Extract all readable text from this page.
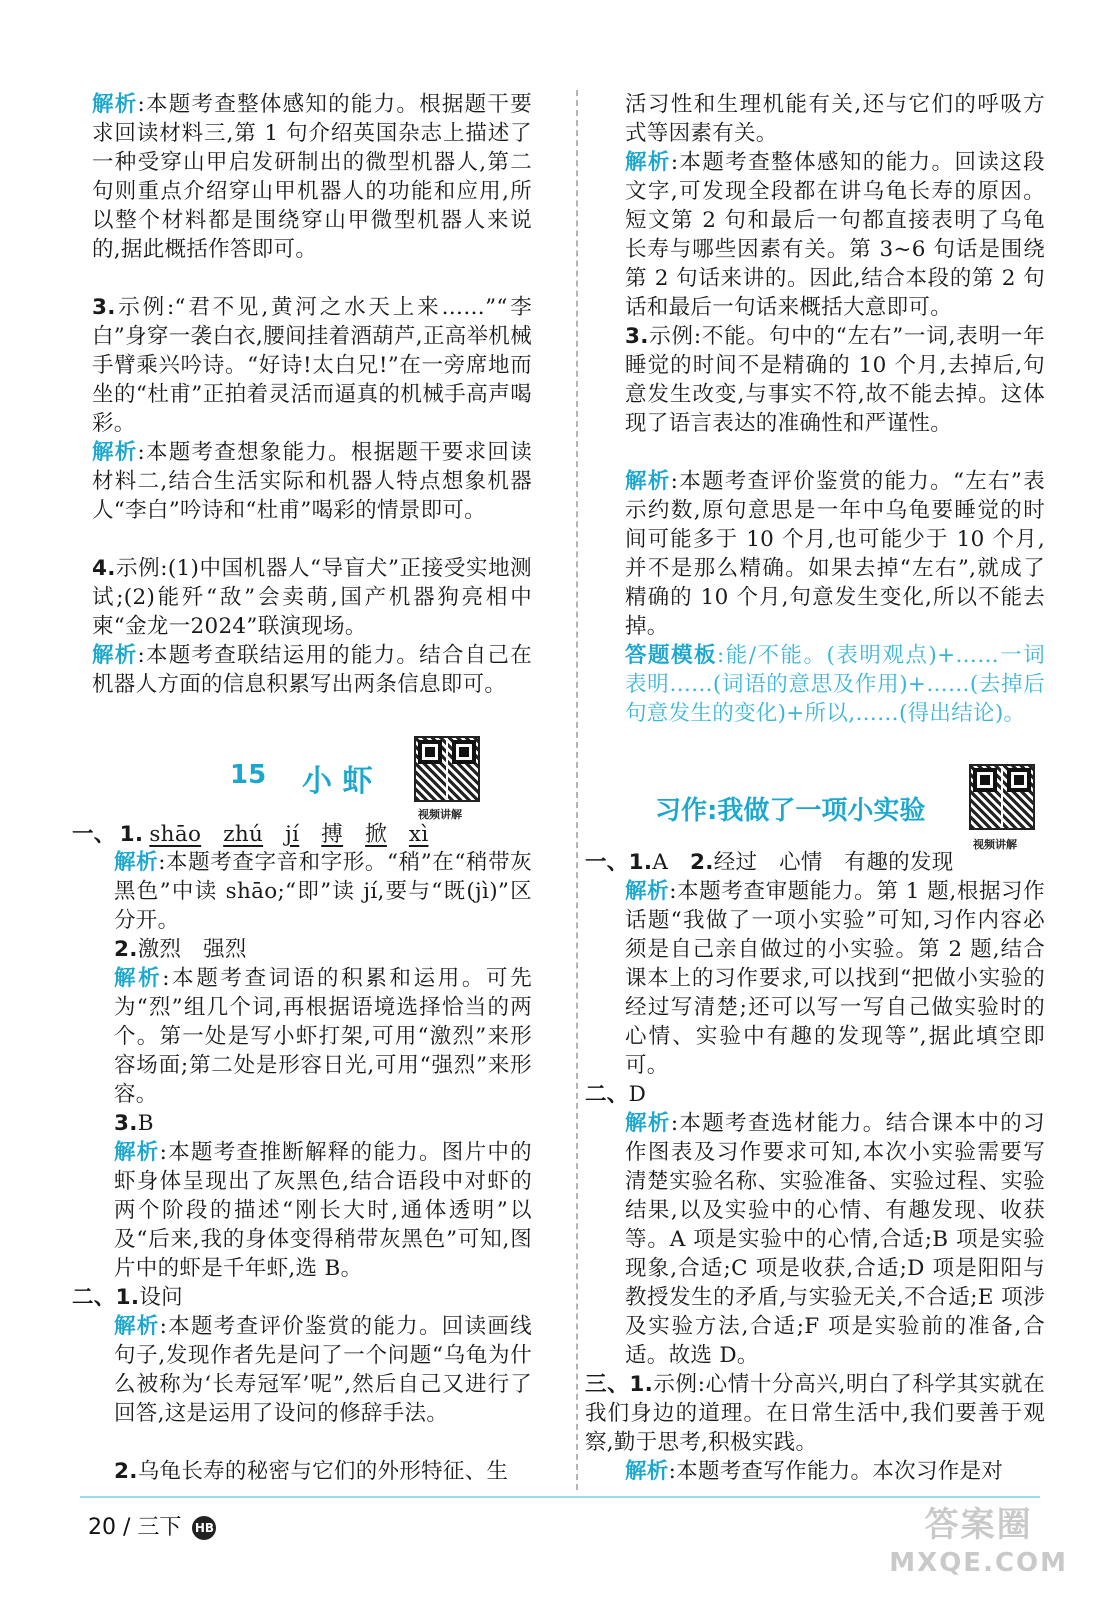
解析:本题考查整体感知的能力。根据题干要求回读材料三,第 1 句介绍英国杂志上描述了一种受穿山甲启发研制出的微型机器人,第二句则重点介绍穿山甲机器人的功能和应用,所以整个材料都是围绕穿山甲微型机器人来说的,据此概括作答即可。

3.示例:“君不见,黄河之水天上来……”“李白”身穿一袭白衣,腰间挂着酒葫芦,正高举机械手臂乘兴吟诗。“好诗!太白兄!”在一旁席地而坐的“杜甫”正拍着灵活而逼真的机械手高声喝彩。

解析:本题考查想象能力。根据题干要求回读材料二,结合生活实际和机器人特点想象机器人“李白”吟诗和“杜甫”喝彩的情景即可。

4.示例:(1)中国机器人“导盲犬”正接受实地测试;(2)能歼“敌”会卖萌,国产机器狗亮相中柬“金龙一2024”联演现场。

解析:本题考查联结运用的能力。结合自己在机器人方面的信息积累写出两条信息即可。

15 小 虾
视频讲解

一、 1. shāo zhú jí 搏 掀 xì

解析:本题考查字音和字形。“稍”在“稍带灰黑色”中读 shāo;“即”读 jí,要与“既(jì)”区分开。

2.激烈　强烈

解析:本题考查词语的积累和运用。可先为“烈”组几个词,再根据语境选择恰当的两个。第一处是写小虾打架,可用“激烈”来形容场面;第二处是形容日光,可用“强烈”来形容。

3.B

解析:本题考查推断解释的能力。图片中的虾身体呈现出了灰黑色,结合语段中对虾的两个阶段的描述“刚长大时,通体透明”以及“后来,我的身体变得稍带灰黑色”可知,图片中的虾是千年虾,选 B。

二、1.设问

解析:本题考查评价鉴赏的能力。回读画线句子,发现作者先是问了一个问题“乌龟为什么被称为‘长寿冠军’呢”,然后自己又进行了回答,这是运用了设问的修辞手法。

2.乌龟长寿的秘密与它们的外形特征、生

活习性和生理机能有关,还与它们的呼吸方式等因素有关。

解析:本题考查整体感知的能力。回读这段文字,可发现全段都在讲乌龟长寿的原因。短文第 2 句和最后一句都直接表明了乌龟长寿与哪些因素有关。第 3~6 句话是围绕第 2 句话来讲的。因此,结合本段的第 2 句话和最后一句话来概括大意即可。

3.示例:不能。句中的“左右”一词,表明一年睡觉的时间不是精确的 10 个月,去掉后,句意发生改变,与事实不符,故不能去掉。这体现了语言表达的准确性和严谨性。

解析:本题考查评价鉴赏的能力。“左右”表示约数,原句意思是一年中乌龟要睡觉的时间可能多于 10 个月,也可能少于 10 个月,并不是那么精确。如果去掉“左右”,就成了精确的 10 个月,句意发生变化,所以不能去掉。

答题模板:能/不能。(表明观点)+……一词表明……(词语的意思及作用)+……(去掉后句意发生的变化)+所以,……(得出结论)。

习作:我做了一项小实验
视频讲解

一、1.A　 2.经过　心情　有趣的发现

解析:本题考查审题能力。第 1 题,根据习作话题“我做了一项小实验”可知,习作内容必须是自己亲自做过的小实验。第 2 题,结合课本上的习作要求,可以找到“把做小实验的经过写清楚;还可以写一写自己做实验时的心情、实验中有趣的发现等”,据此填空即可。

二、D

解析:本题考查选材能力。结合课本中的习作图表及习作要求可知,本次小实验需要写清楚实验名称、实验准备、实验过程、实验结果,以及实验中的心情、有趣发现、收获等。A 项是实验中的心情,合适;B 项是实验现象,合适;C 项是收获,合适;D 项是阳阳与教授发生的矛盾,与实验无关,不合适;E 项涉及实验方法,合适;F 项是实验前的准备,合适。故选 D。

三、1.示例:心情十分高兴,明白了科学其实就在我们身边的道理。在日常生活中,我们要善于观察,勤于思考,积极实践。

解析:本题考查写作能力。本次习作是对

20 / 三下 HB	答案圈
MXQE.COM
